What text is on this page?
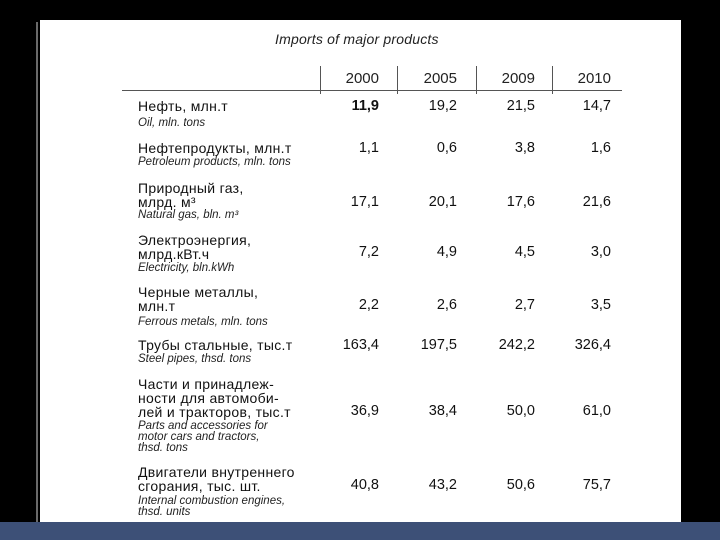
Imports of major products
2000	2005	2009	2010
Нефть, млн.т
Oil, mln. tons
11,9	19,2	21,5	14,7
Нефтепродукты, млн.т
Petroleum products, mln. tons
1,1	0,6	3,8	1,6
Природный газ,
млрд. м³
Natural gas, bln. m³
17,1	20,1	17,6	21,6
Электроэнергия,
млрд.кВт.ч
Electricity, bln.kWh
7,2	4,9	4,5	3,0
Черные металлы,
млн.т
Ferrous metals, mln. tons
2,2	2,6	2,7	3,5
Трубы стальные, тыс.т
Steel pipes, thsd. tons
163,4	197,5	242,2	326,4
Части и принадлеж-
ности для автомоби-
лей и тракторов, тыс.т
Parts and accessories for
motor cars and tractors,
thsd. tons
36,9	38,4	50,0	61,0
Двигатели внутреннего
сгорания, тыс. шт.
Internal combustion engines,
thsd. units
40,8	43,2	50,6	75,7
